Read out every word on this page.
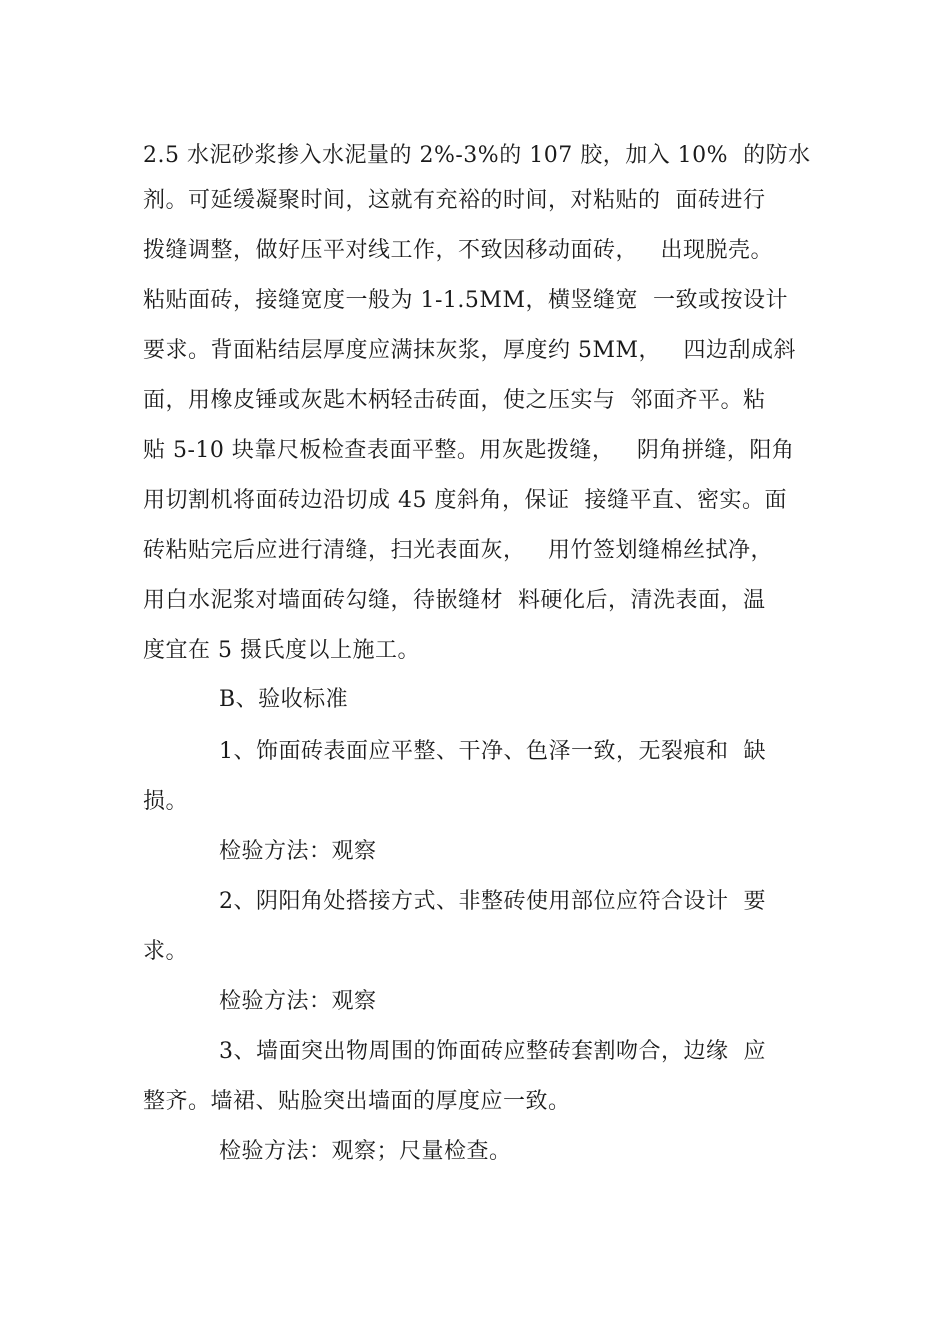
2.5 水泥砂浆掺入水泥量的 2%-3%的 107 胶，加入 10%  的防水
剂。可延缓凝聚时间，这就有充裕的时间，对粘贴的  面砖进行
拨缝调整，做好压平对线工作，不致因移动面砖，   出现脱壳。
粘贴面砖，接缝宽度一般为 1-1.5MM，横竖缝宽  一致或按设计
要求。背面粘结层厚度应满抹灰浆，厚度约 5MM，   四边刮成斜
面，用橡皮锤或灰匙木柄轻击砖面，使之压实与  邻面齐平。粘
贴 5-10 块靠尺板检查表面平整。用灰匙拨缝，   阴角拼缝，阳角
用切割机将面砖边沿切成 45 度斜角，保证  接缝平直、密实。面
砖粘贴完后应进行清缝，扫光表面灰，   用竹签划缝棉丝拭净，
用白水泥浆对墙面砖勾缝，待嵌缝材  料硬化后，清洗表面，温
度宜在 5 摄氏度以上施工。
B、验收标准
1、饰面砖表面应平整、干净、色泽一致，无裂痕和  缺
损。
检验方法：观察
2、阴阳角处搭接方式、非整砖使用部位应符合设计  要
求。
检验方法：观察
3、墙面突出物周围的饰面砖应整砖套割吻合，边缘  应
整齐。墙裙、贴脸突出墙面的厚度应一致。
检验方法：观察；尺量检查。
